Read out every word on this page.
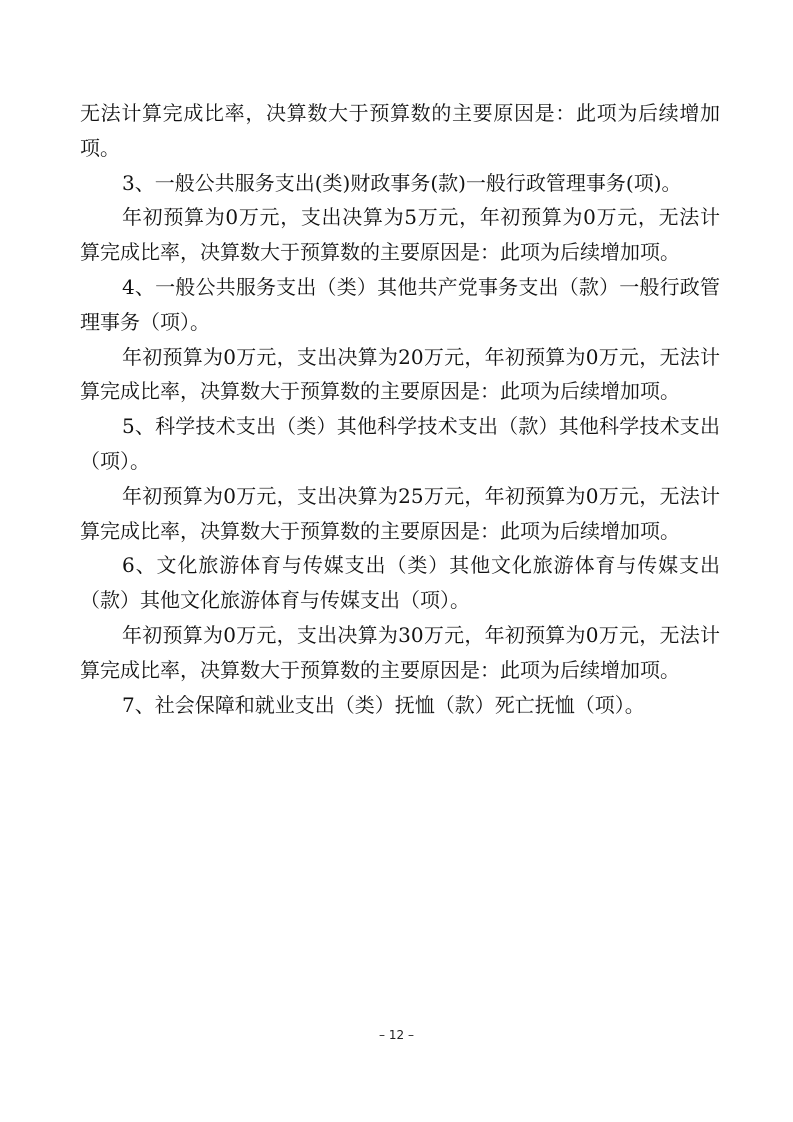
无法计算完成比率，决算数大于预算数的主要原因是：此项为后续增加项。

3、一般公共服务支出(类)财政事务(款)一般行政管理事务(项)。

年初预算为0万元，支出决算为5万元，年初预算为0万元，无法计算完成比率，决算数大于预算数的主要原因是：此项为后续增加项。

4、一般公共服务支出（类）其他共产党事务支出（款）一般行政管理事务（项）。

年初预算为0万元，支出决算为20万元，年初预算为0万元，无法计算完成比率，决算数大于预算数的主要原因是：此项为后续增加项。

5、科学技术支出（类）其他科学技术支出（款）其他科学技术支出（项）。

年初预算为0万元，支出决算为25万元，年初预算为0万元，无法计算完成比率，决算数大于预算数的主要原因是：此项为后续增加项。

6、文化旅游体育与传媒支出（类）其他文化旅游体育与传媒支出（款）其他文化旅游体育与传媒支出（项）。

年初预算为0万元，支出决算为30万元，年初预算为0万元，无法计算完成比率，决算数大于预算数的主要原因是：此项为后续增加项。

7、社会保障和就业支出（类）抚恤（款）死亡抚恤（项）。

– 12 –
